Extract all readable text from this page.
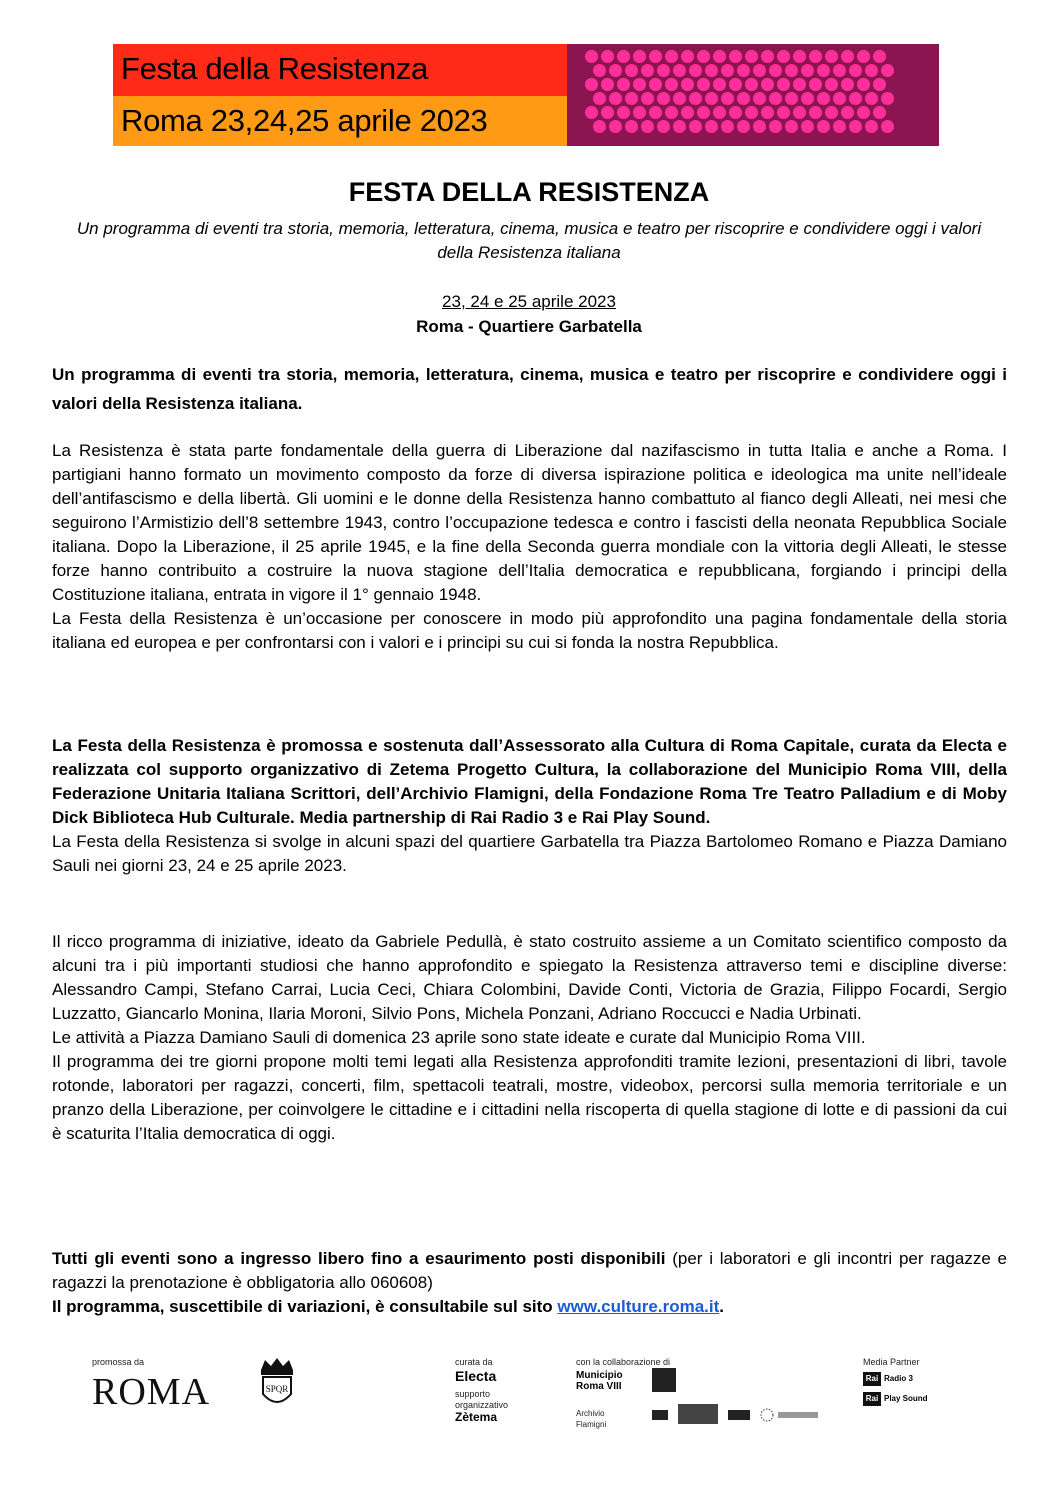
Festa della Resistenza
Roma 23,24,25 aprile 2023
FESTA DELLA RESISTENZA
Un programma di eventi tra storia, memoria, letteratura, cinema, musica e teatro per riscoprire e condividere oggi i valori della Resistenza italiana
23, 24 e 25 aprile 2023
Roma - Quartiere Garbatella
Un programma di eventi tra storia, memoria, letteratura, cinema, musica e teatro per riscoprire e condividere oggi i valori della Resistenza italiana.

La Resistenza è stata parte fondamentale della guerra di Liberazione dal nazifascismo in tutta Italia e anche a Roma. I partigiani hanno formato un movimento composto da forze di diversa ispirazione politica e ideologica ma unite nell’ideale dell’antifascismo e della libertà. Gli uomini e le donne della Resistenza hanno combattuto al fianco degli Alleati, nei mesi che seguirono l’Armistizio dell’8 settembre 1943, contro l’occupazione tedesca e contro i fascisti della neonata Repubblica Sociale italiana. Dopo la Liberazione, il 25 aprile 1945, e la fine della Seconda guerra mondiale con la vittoria degli Alleati, le stesse forze hanno contribuito a costruire la nuova stagione dell’Italia democratica e repubblicana, forgiando i principi della Costituzione italiana, entrata in vigore il 1° gennaio 1948.

La Festa della Resistenza è un’occasione per conoscere in modo più approfondito una pagina fondamentale della storia italiana ed europea e per confrontarsi con i valori e i principi su cui si fonda la nostra Repubblica.

La Festa della Resistenza è promossa e sostenuta dall’Assessorato alla Cultura di Roma Capitale, curata da Electa e realizzata col supporto organizzativo di Zetema Progetto Cultura, la collaborazione del Municipio Roma VIII, della Federazione Unitaria Italiana Scrittori, dell’Archivio Flamigni, della Fondazione Roma Tre Teatro Palladium e di Moby Dick Biblioteca Hub Culturale. Media partnership di Rai Radio 3 e Rai Play Sound.

La Festa della Resistenza si svolge in alcuni spazi del quartiere Garbatella tra Piazza Bartolomeo Romano e Piazza Damiano Sauli nei giorni 23, 24 e 25 aprile 2023.

Il ricco programma di iniziative, ideato da Gabriele Pedullà, è stato costruito assieme a un Comitato scientifico composto da alcuni tra i più importanti studiosi che hanno approfondito e spiegato la Resistenza attraverso temi e discipline diverse: Alessandro Campi, Stefano Carrai, Lucia Ceci, Chiara Colombini, Davide Conti, Victoria de Grazia, Filippo Focardi, Sergio Luzzatto, Giancarlo Monina, Ilaria Moroni, Silvio Pons, Michela Ponzani, Adriano Roccucci e Nadia Urbinati.

Le attività a Piazza Damiano Sauli di domenica 23 aprile sono state ideate e curate dal Municipio Roma VIII.

Il programma dei tre giorni propone molti temi legati alla Resistenza approfonditi tramite lezioni, presentazioni di libri, tavole rotonde, laboratori per ragazzi, concerti, film, spettacoli teatrali, mostre, videobox, percorsi sulla memoria territoriale e un pranzo della Liberazione, per coinvolgere le cittadine e i cittadini nella riscoperta di quella stagione di lotte e di passioni da cui è scaturita l’Italia democratica di oggi.

Tutti gli eventi sono a ingresso libero fino a esaurimento posti disponibili (per i laboratori e gli incontri per ragazze e ragazzi la prenotazione è obbligatoria allo 060608)

Il programma, suscettibile di variazioni, è consultabile sul sito www.culture.roma.it.

promossa da
ROMA	SPQR
curata da
Electa
supporto organizzativo
Zètema
con la collaborazione di
Municipio Roma VIII
Archivio Flamigni
Media Partner
Rai Radio 3
Rai Play Sound
